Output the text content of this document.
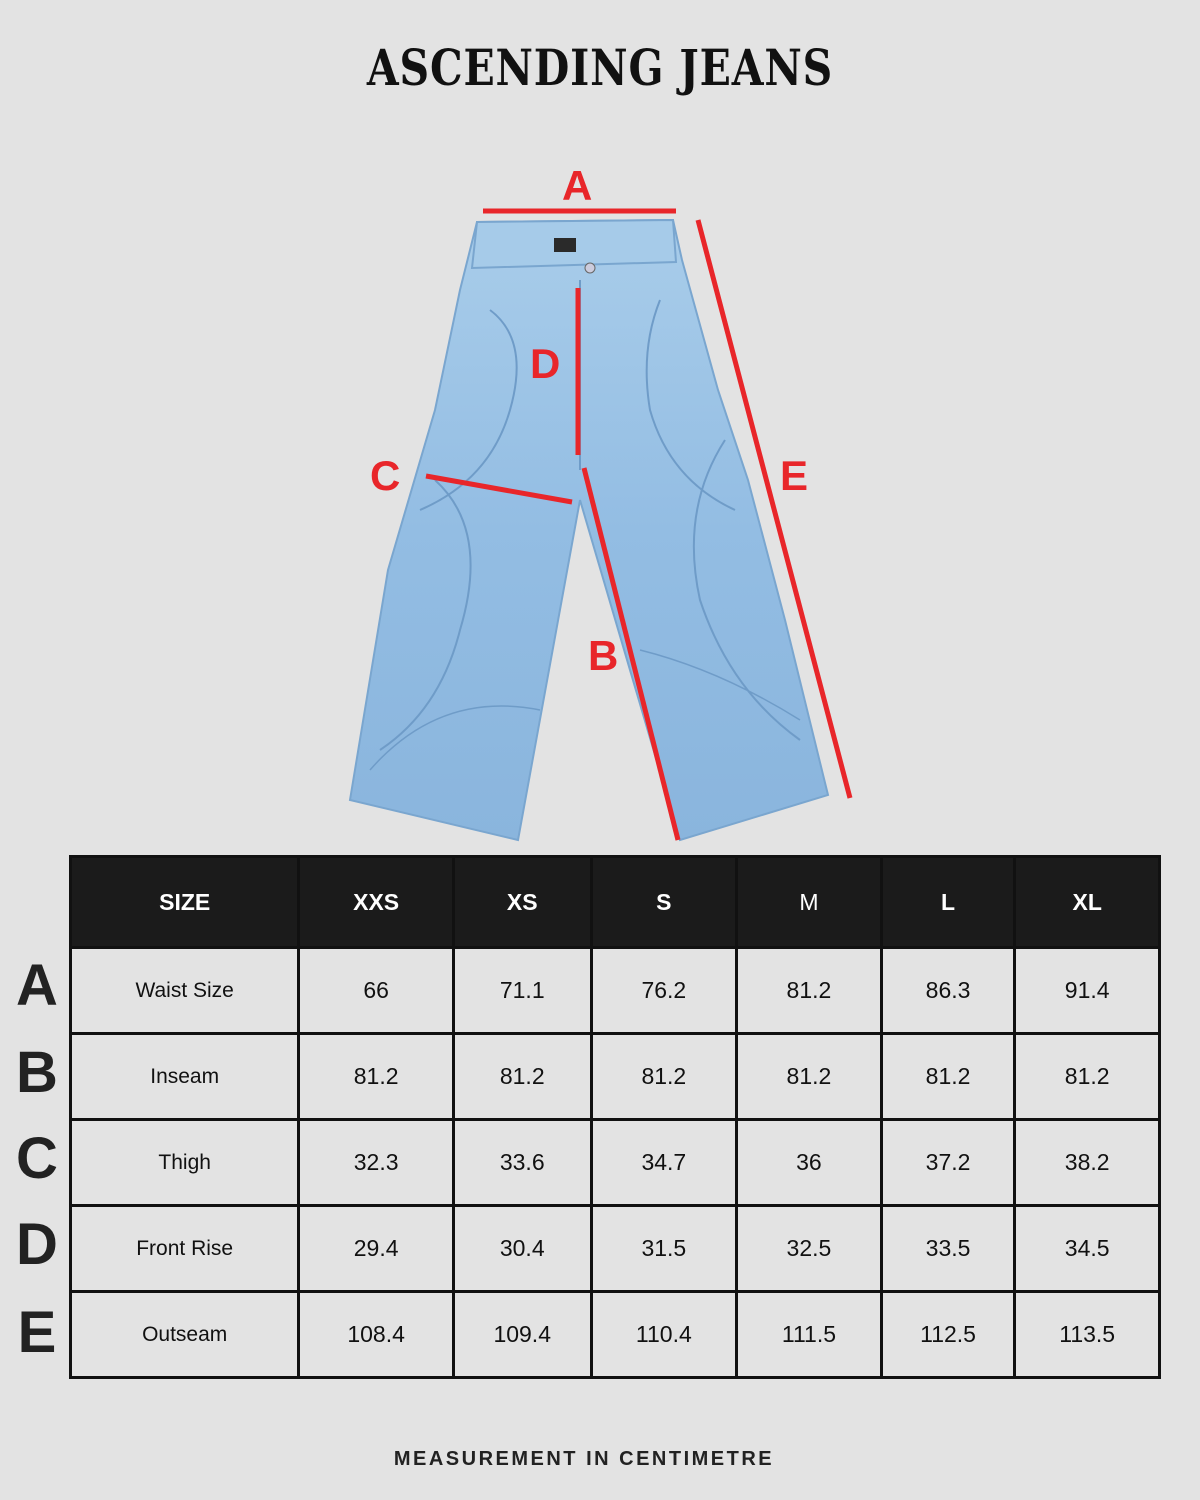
ASCENDING JEANS
A
B
C
D
E
A
B
C
D
E
SIZE	XXS	XS	S	M	L	XL
Waist Size	66	71.1	76.2	81.2	86.3	91.4
Inseam	81.2	81.2	81.2	81.2	81.2	81.2
Thigh	32.3	33.6	34.7	36	37.2	38.2
Front Rise	29.4	30.4	31.5	32.5	33.5	34.5
Outseam	108.4	109.4	110.4	111.5	112.5	113.5
MEASUREMENT IN CENTIMETRE
